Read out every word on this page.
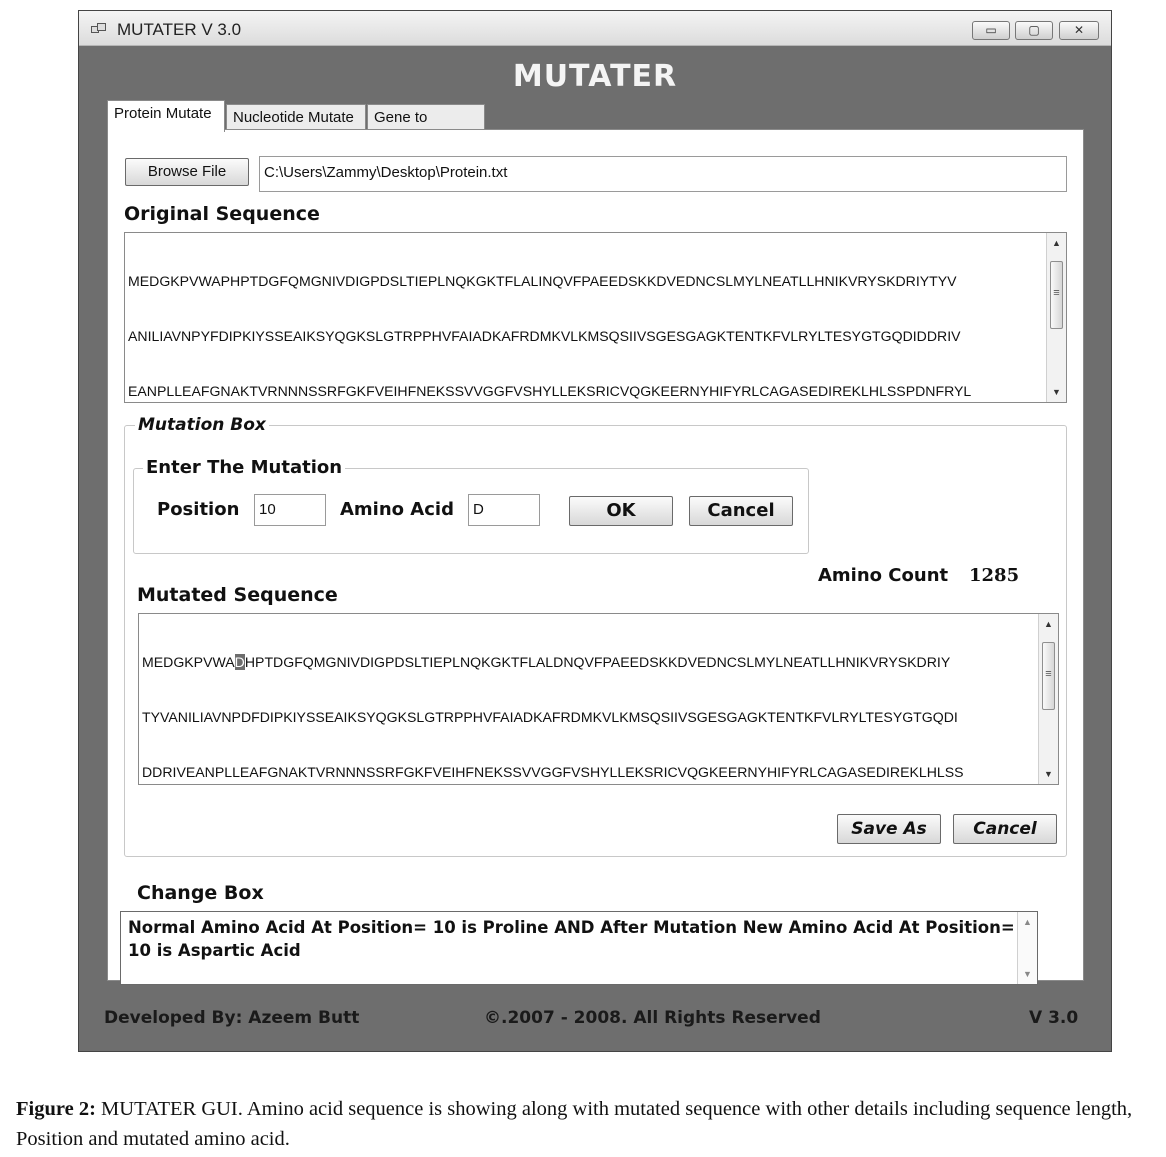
MUTATER V 3.0	▭	▢	✕
MUTATER
Protein Mutate	Nucleotide Mutate	Gene to
Browse File	C:\Users\Zammy\Desktop\Protein.txt
Original Sequence

MEDGKPVWAPHPTDGFQMGNIVDIGPDSLTIEPLNQKGKTFLALINQVFPAEEDSKKDVEDNCSLMYLNEATLLHNIKVRYSKDRIYTYV

ANILIAVNPYFDIPKIYSSEAIKSYQGKSLGTRPPHVFAIADKAFRDMKVLKMSQSIIVSGESGAGKTENTKFVLRYLTESYGTGQDIDDRIV

EANPLLEAFGNAKTVRNNNSSRFGKFVEIHFNEKSSVVGGFVSHYLLEKSRICVQGKEERNYHIFYRLCAGASEDIREKLHLSSPDNFRYL

▲
≡
▼
Mutation Box
Enter The Mutation
Position	10	Amino Acid	D	OK	Cancel
Amino Count 1285
Mutated Sequence

MEDGKPVWADHPTDGFQMGNIVDIGPDSLTIEPLNQKGKTFLALDNQVFPAEEDSKKDVEDNCSLMYLNEATLLHNIKVRYSKDRIY

TYVANILIAVNPDFDIPKIYSSEAIKSYQGKSLGTRPPHVFAIADKAFRDMKVLKMSQSIIVSGESGAGKTENTKFVLRYLTESYGTGQDI

DDRIVEANPLLEAFGNAKTVRNNNSSRFGKFVEIHFNEKSSVVGGFVSHYLLEKSRICVQGKEERNYHIFYRLCAGASEDIREKLHLSS

▲
≡
▼
Save As	Cancel
Change Box
Normal Amino Acid At Position= 10 is Proline AND After Mutation New Amino Acid At Position=
10 is Aspartic Acid
▲
▼
Developed By: Azeem Butt	©.2007 - 2008. All Rights Reserved	V 3.0
Figure 2: MUTATER GUI. Amino acid sequence is showing along with mutated sequence with other details including sequence length, Position and mutated amino acid.
